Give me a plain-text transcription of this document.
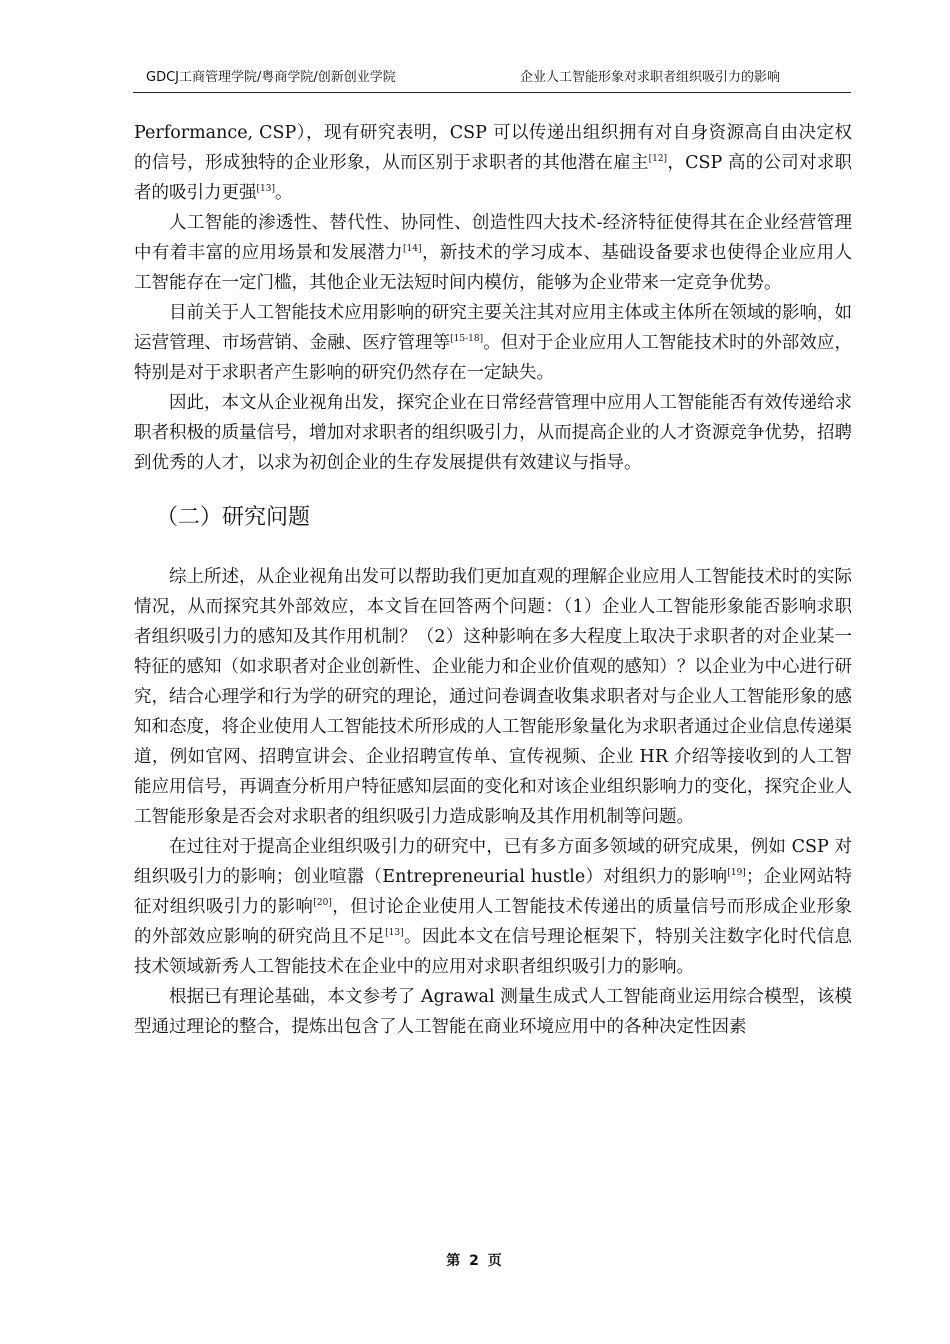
GDCJ工商管理学院/粤商学院/创新创业学院	企业人工智能形象对求职者组织吸引力的影响

Performance, CSP），现有研究表明，CSP 可以传递出组织拥有对自身资源高自由决定权的信号，形成独特的企业形象，从而区别于求职者的其他潜在雇主[12]，CSP 高的公司对求职者的吸引力更强[13]。

人工智能的渗透性、替代性、协同性、创造性四大技术-经济特征使得其在企业经营管理中有着丰富的应用场景和发展潜力[14]，新技术的学习成本、基础设备要求也使得企业应用人工智能存在一定门槛，其他企业无法短时间内模仿，能够为企业带来一定竞争优势。

目前关于人工智能技术应用影响的研究主要关注其对应用主体或主体所在领域的影响，如运营管理、市场营销、金融、医疗管理等[15-18]。但对于企业应用人工智能技术时的外部效应，特别是对于求职者产生影响的研究仍然存在一定缺失。

因此，本文从企业视角出发，探究企业在日常经营管理中应用人工智能能否有效传递给求职者积极的质量信号，增加对求职者的组织吸引力，从而提高企业的人才资源竞争优势，招聘到优秀的人才，以求为初创企业的生存发展提供有效建议与指导。

（二）研究问题

综上所述，从企业视角出发可以帮助我们更加直观的理解企业应用人工智能技术时的实际情况，从而探究其外部效应，本文旨在回答两个问题：（1）企业人工智能形象能否影响求职者组织吸引力的感知及其作用机制？（2）这种影响在多大程度上取决于求职者的对企业某一特征的感知（如求职者对企业创新性、企业能力和企业价值观的感知）？以企业为中心进行研究，结合心理学和行为学的研究的理论，通过问卷调查收集求职者对与企业人工智能形象的感知和态度，将企业使用人工智能技术所形成的人工智能形象量化为求职者通过企业信息传递渠道，例如官网、招聘宣讲会、企业招聘宣传单、宣传视频、企业 HR 介绍等接收到的人工智能应用信号，再调查分析用户特征感知层面的变化和对该企业组织影响力的变化，探究企业人工智能形象是否会对求职者的组织吸引力造成影响及其作用机制等问题。

在过往对于提高企业组织吸引力的研究中，已有多方面多领域的研究成果，例如 CSP 对组织吸引力的影响；创业喧嚣（Entrepreneurial hustle）对组织力的影响[19]；企业网站特征对组织吸引力的影响[20]，但讨论企业使用人工智能技术传递出的质量信号而形成企业形象的外部效应影响的研究尚且不足[13]。因此本文在信号理论框架下，特别关注数字化时代信息技术领域新秀人工智能技术在企业中的应用对求职者组织吸引力的影响。

根据已有理论基础，本文参考了 Agrawal 测量生成式人工智能商业运用综合模型，该模型通过理论的整合，提炼出包含了人工智能在商业环境应用中的各种决定性因素

第 2 页
